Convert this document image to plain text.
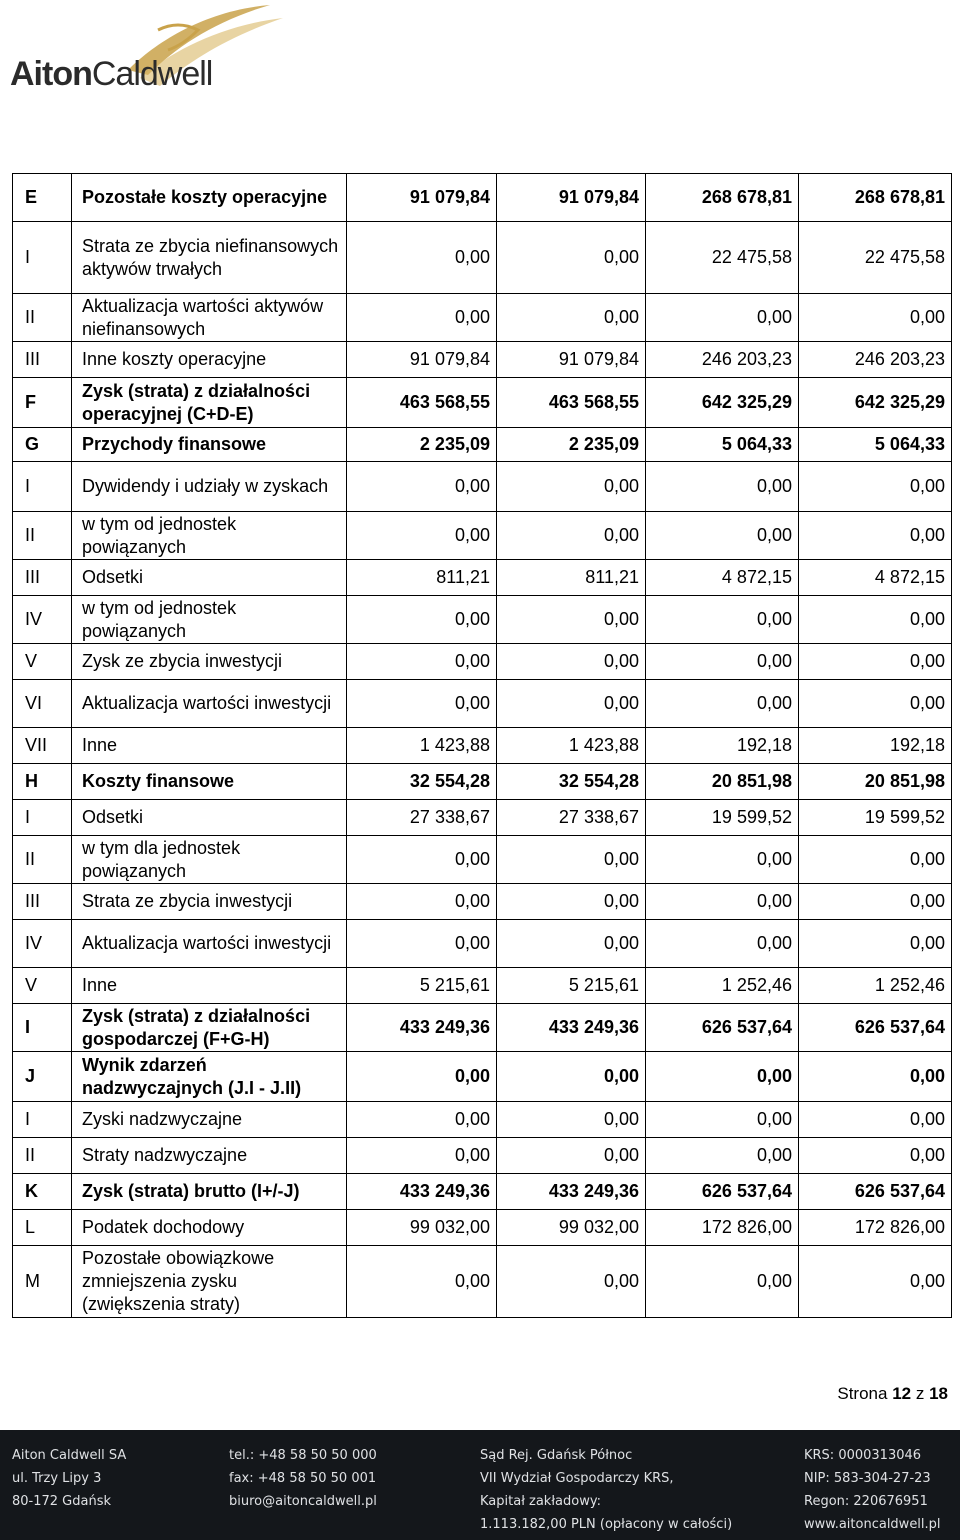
AitonCaldwell
E	Pozostałe koszty operacyjne	91 079,84	91 079,84	268 678,81	268 678,81
I	Strata ze zbycia niefinansowych aktywów trwałych	0,00	0,00	22 475,58	22 475,58
II	Aktualizacja wartości aktywów niefinansowych	0,00	0,00	0,00	0,00
III	Inne koszty operacyjne	91 079,84	91 079,84	246 203,23	246 203,23
F	Zysk (strata) z działalności operacyjnej (C+D-E)	463 568,55	463 568,55	642 325,29	642 325,29
G	Przychody finansowe	2 235,09	2 235,09	5 064,33	5 064,33
I	Dywidendy i udziały w zyskach	0,00	0,00	0,00	0,00
II	w tym od jednostek powiązanych	0,00	0,00	0,00	0,00
III	Odsetki	811,21	811,21	4 872,15	4 872,15
IV	w tym od jednostek powiązanych	0,00	0,00	0,00	0,00
V	Zysk ze zbycia inwestycji	0,00	0,00	0,00	0,00
VI	Aktualizacja wartości inwestycji	0,00	0,00	0,00	0,00
VII	Inne	1 423,88	1 423,88	192,18	192,18
H	Koszty finansowe	32 554,28	32 554,28	20 851,98	20 851,98
I	Odsetki	27 338,67	27 338,67	19 599,52	19 599,52
II	w tym dla jednostek powiązanych	0,00	0,00	0,00	0,00
III	Strata ze zbycia inwestycji	0,00	0,00	0,00	0,00
IV	Aktualizacja wartości inwestycji	0,00	0,00	0,00	0,00
V	Inne	5 215,61	5 215,61	1 252,46	1 252,46
I	Zysk (strata) z działalności gospodarczej (F+G-H)	433 249,36	433 249,36	626 537,64	626 537,64
J	Wynik zdarzeń nadzwyczajnych (J.I - J.II)	0,00	0,00	0,00	0,00
I	Zyski nadzwyczajne	0,00	0,00	0,00	0,00
II	Straty nadzwyczajne	0,00	0,00	0,00	0,00
K	Zysk (strata) brutto (I+/-J)	433 249,36	433 249,36	626 537,64	626 537,64
L	Podatek dochodowy	99 032,00	99 032,00	172 826,00	172 826,00
M	Pozostałe obowiązkowe zmniejszenia zysku (zwiększenia straty)	0,00	0,00	0,00	0,00
Strona 12 z 18
Aiton Caldwell SA
ul. Trzy Lipy 3
80-172 Gdańsk
tel.: +48 58 50 50 000
fax: +48 58 50 50 001
biuro@aitoncaldwell.pl
Sąd Rej. Gdańsk Północ
VII Wydział Gospodarczy KRS,
Kapitał zakładowy:
1.113.182,00 PLN (opłacony w całości)
KRS: 0000313046
NIP: 583-304-27-23
Regon: 220676951
www.aitoncaldwell.pl
